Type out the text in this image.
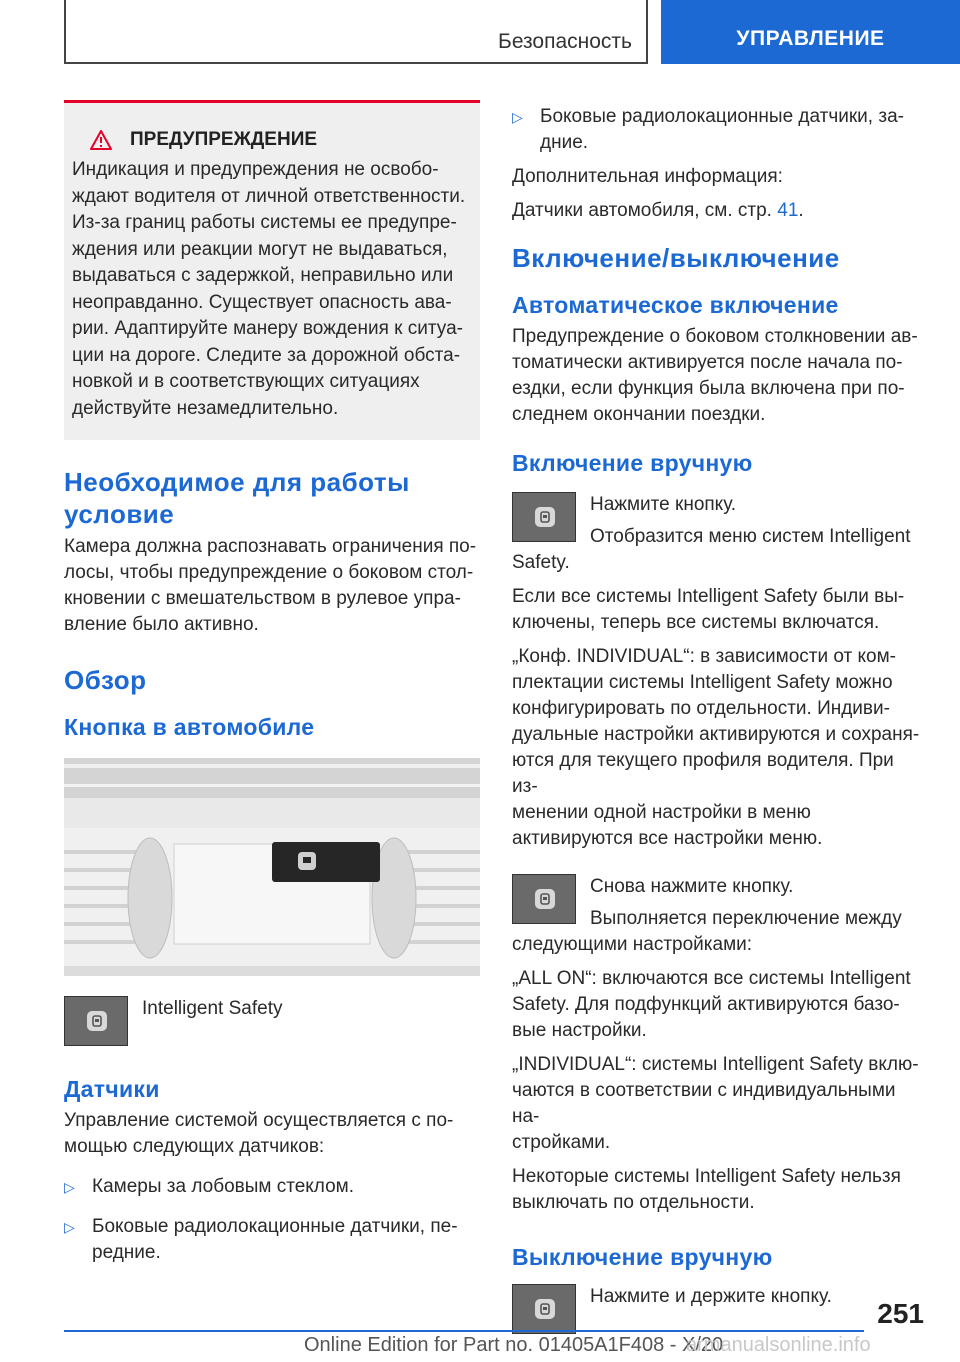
Безопасность	УПРАВЛЕНИЕ
ПРЕДУПРЕЖДЕНИЕ

Индикация и предупреждения не освобо-

ждают водителя от личной ответственности.

Из-за границ работы системы ее предупре-

ждения или реакции могут не выдаваться,

выдаваться с задержкой, неправильно или

неоправданно. Существует опасность ава-

рии. Адаптируйте манеру вождения к ситуа-

ции на дороге. Следите за дорожной обста-

новкой и в соответствующих ситуациях

действуйте незамедлительно.

Необходимое для работы
условие

Камера должна распознавать ограничения по-

лосы, чтобы предупреждение о боковом стол-

кновении с вмешательством в рулевое упра-

вление было активно.

Обзор
Кнопка в автомобиле

Intelligent Safety

Датчики

Управление системой осуществляется с по-

мощью следующих датчиков:

▷ Камеры за лобовым стеклом.

▷ Боковые радиолокационные датчики, пе-

редние.

▷ Боковые радиолокационные датчики, за-

дние.

Дополнительная информация:

Датчики автомобиля, см. стр. 41.

Включение/выключение
Автоматическое включение

Предупреждение о боковом столкновении ав-

томатически активируется после начала по-

ездки, если функция была включена при по-

следнем окончании поездки.

Включение вручную

Нажмите кнопку.

Отобразится меню систем Intelligent

Safety.

Если все системы Intelligent Safety были вы-

ключены, теперь все системы включатся.

„Конф. INDIVIDUAL“: в зависимости от ком-

плектации системы Intelligent Safety можно

конфигурировать по отдельности. Индиви-

дуальные настройки активируются и сохраня-

ются для текущего профиля водителя. При из-

менении одной настройки в меню

активируются все настройки меню.

Снова нажмите кнопку.

Выполняется переключение между

следующими настройками:

„ALL ON“: включаются все системы Intelligent

Safety. Для подфункций активируются базо-

вые настройки.

„INDIVIDUAL“: системы Intelligent Safety вклю-

чаются в соответствии с индивидуальными на-

стройками.

Некоторые системы Intelligent Safety нельзя

выключать по отдельности.

Выключение вручную

Нажмите и держите кнопку.

251
Online Edition for Part no. 01405A1F408 - X/20
armanualsonline.info
